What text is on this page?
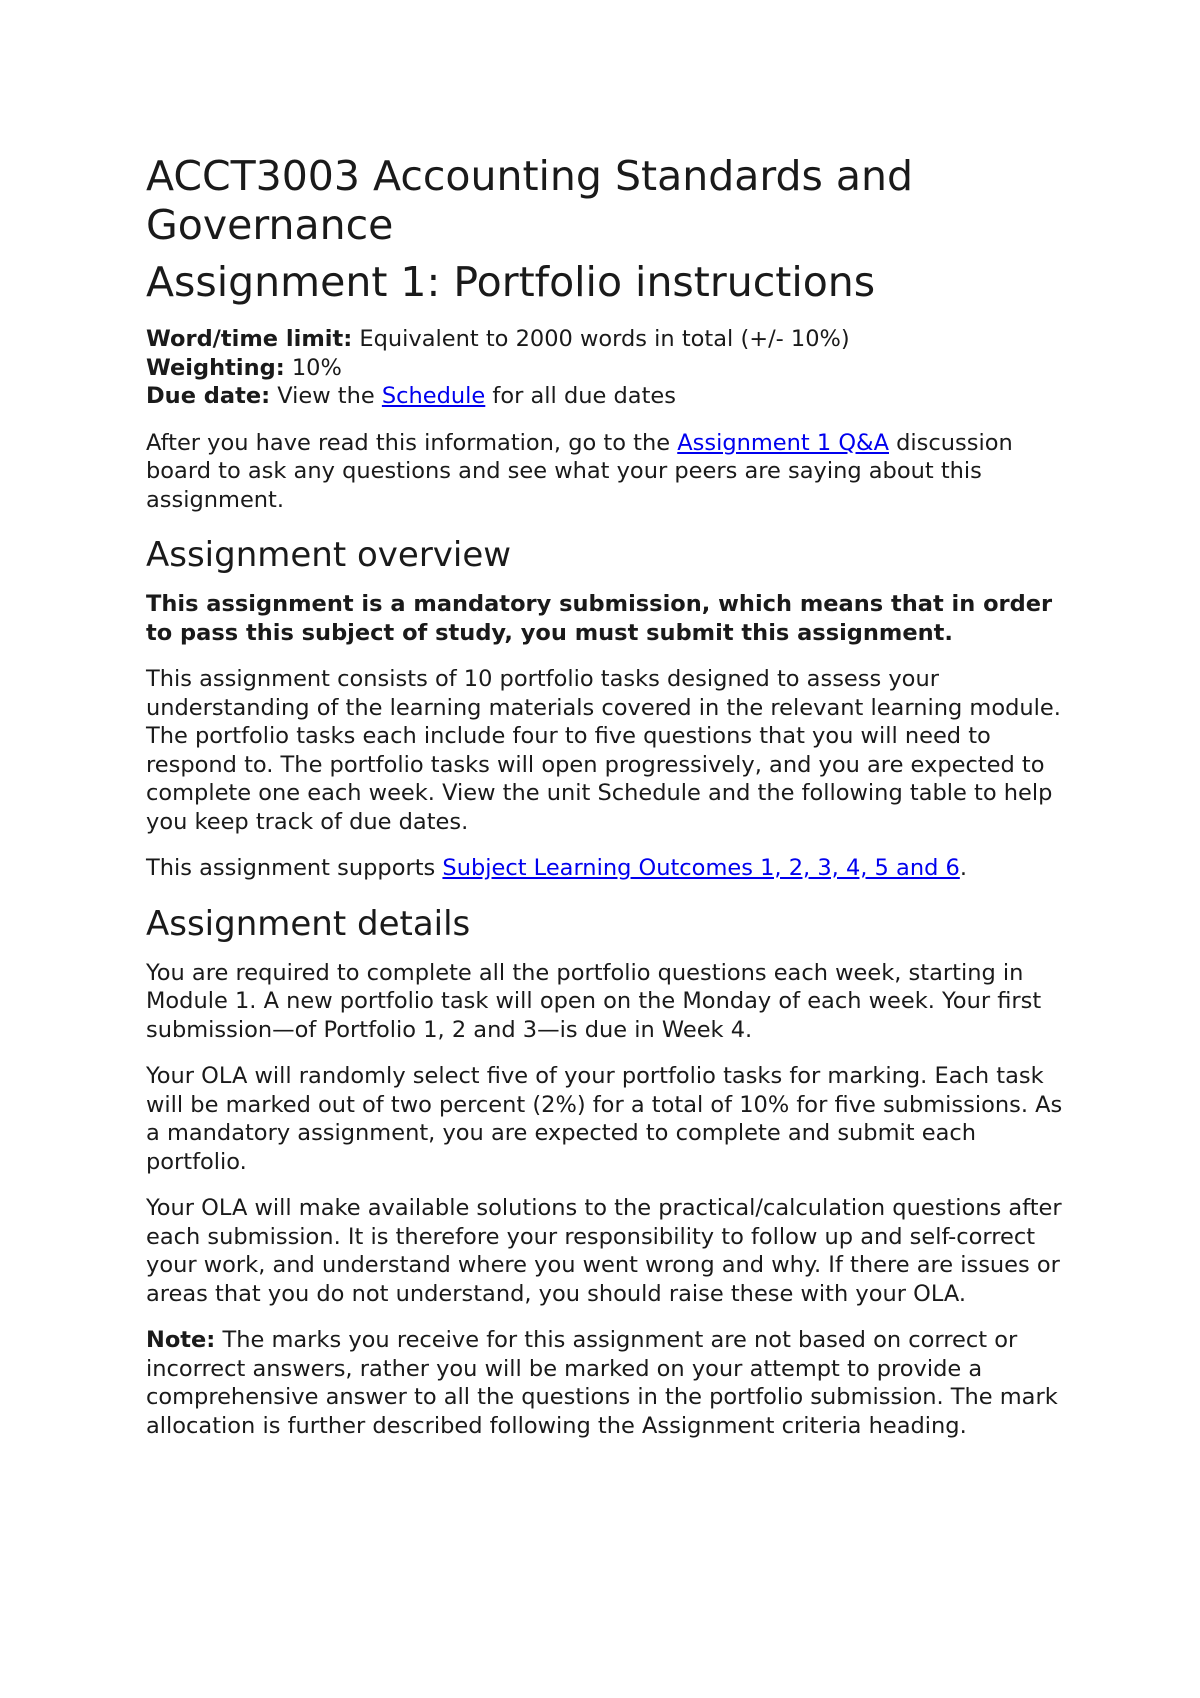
ACCT3003 Accounting Standards and Governance
Assignment 1: Portfolio instructions
Word/time limit: Equivalent to 2000 words in total (+/- 10%)
Weighting: 10%
Due date: View the Schedule for all due dates

After you have read this information, go to the Assignment 1 Q&A discussion board to ask any questions and see what your peers are saying about this assignment.

Assignment overview

This assignment is a mandatory submission, which means that in order to pass this subject of study, you must submit this assignment.

This assignment consists of 10 portfolio tasks designed to assess your understanding of the learning materials covered in the relevant learning module. The portfolio tasks each include four to five questions that you will need to respond to. The portfolio tasks will open progressively, and you are expected to complete one each week. View the unit Schedule and the following table to help you keep track of due dates.

This assignment supports Subject Learning Outcomes 1, 2, 3, 4, 5 and 6.

Assignment details

You are required to complete all the portfolio questions each week, starting in Module 1. A new portfolio task will open on the Monday of each week. Your first submission—of Portfolio 1, 2 and 3—is due in Week 4.

Your OLA will randomly select five of your portfolio tasks for marking. Each task will be marked out of two percent (2%) for a total of 10% for five submissions. As a mandatory assignment, you are expected to complete and submit each portfolio.

Your OLA will make available solutions to the practical/calculation questions after each submission. It is therefore your responsibility to follow up and self-correct your work, and understand where you went wrong and why. If there are issues or areas that you do not understand, you should raise these with your OLA.

Note: The marks you receive for this assignment are not based on correct or incorrect answers, rather you will be marked on your attempt to provide a comprehensive answer to all the questions in the portfolio submission. The mark allocation is further described following the Assignment criteria heading.
